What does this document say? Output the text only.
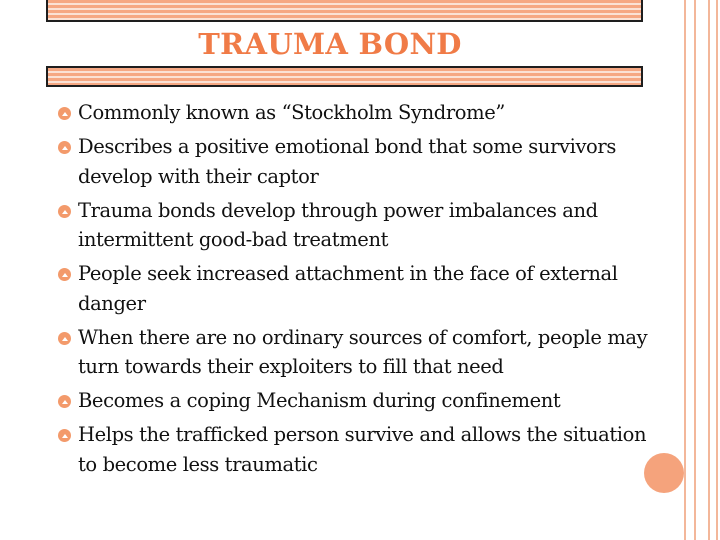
TRAUMA BOND
Commonly known as “Stockholm Syndrome”
Describes a positive emotional bond that some survivors develop with their captor
Trauma bonds develop through power imbalances and intermittent good-bad treatment
People seek increased attachment in the face of external danger
When there are no ordinary sources of comfort, people may turn towards their exploiters to fill that need
Becomes a coping Mechanism during confinement
Helps the trafficked person survive and allows the situation to become less traumatic
